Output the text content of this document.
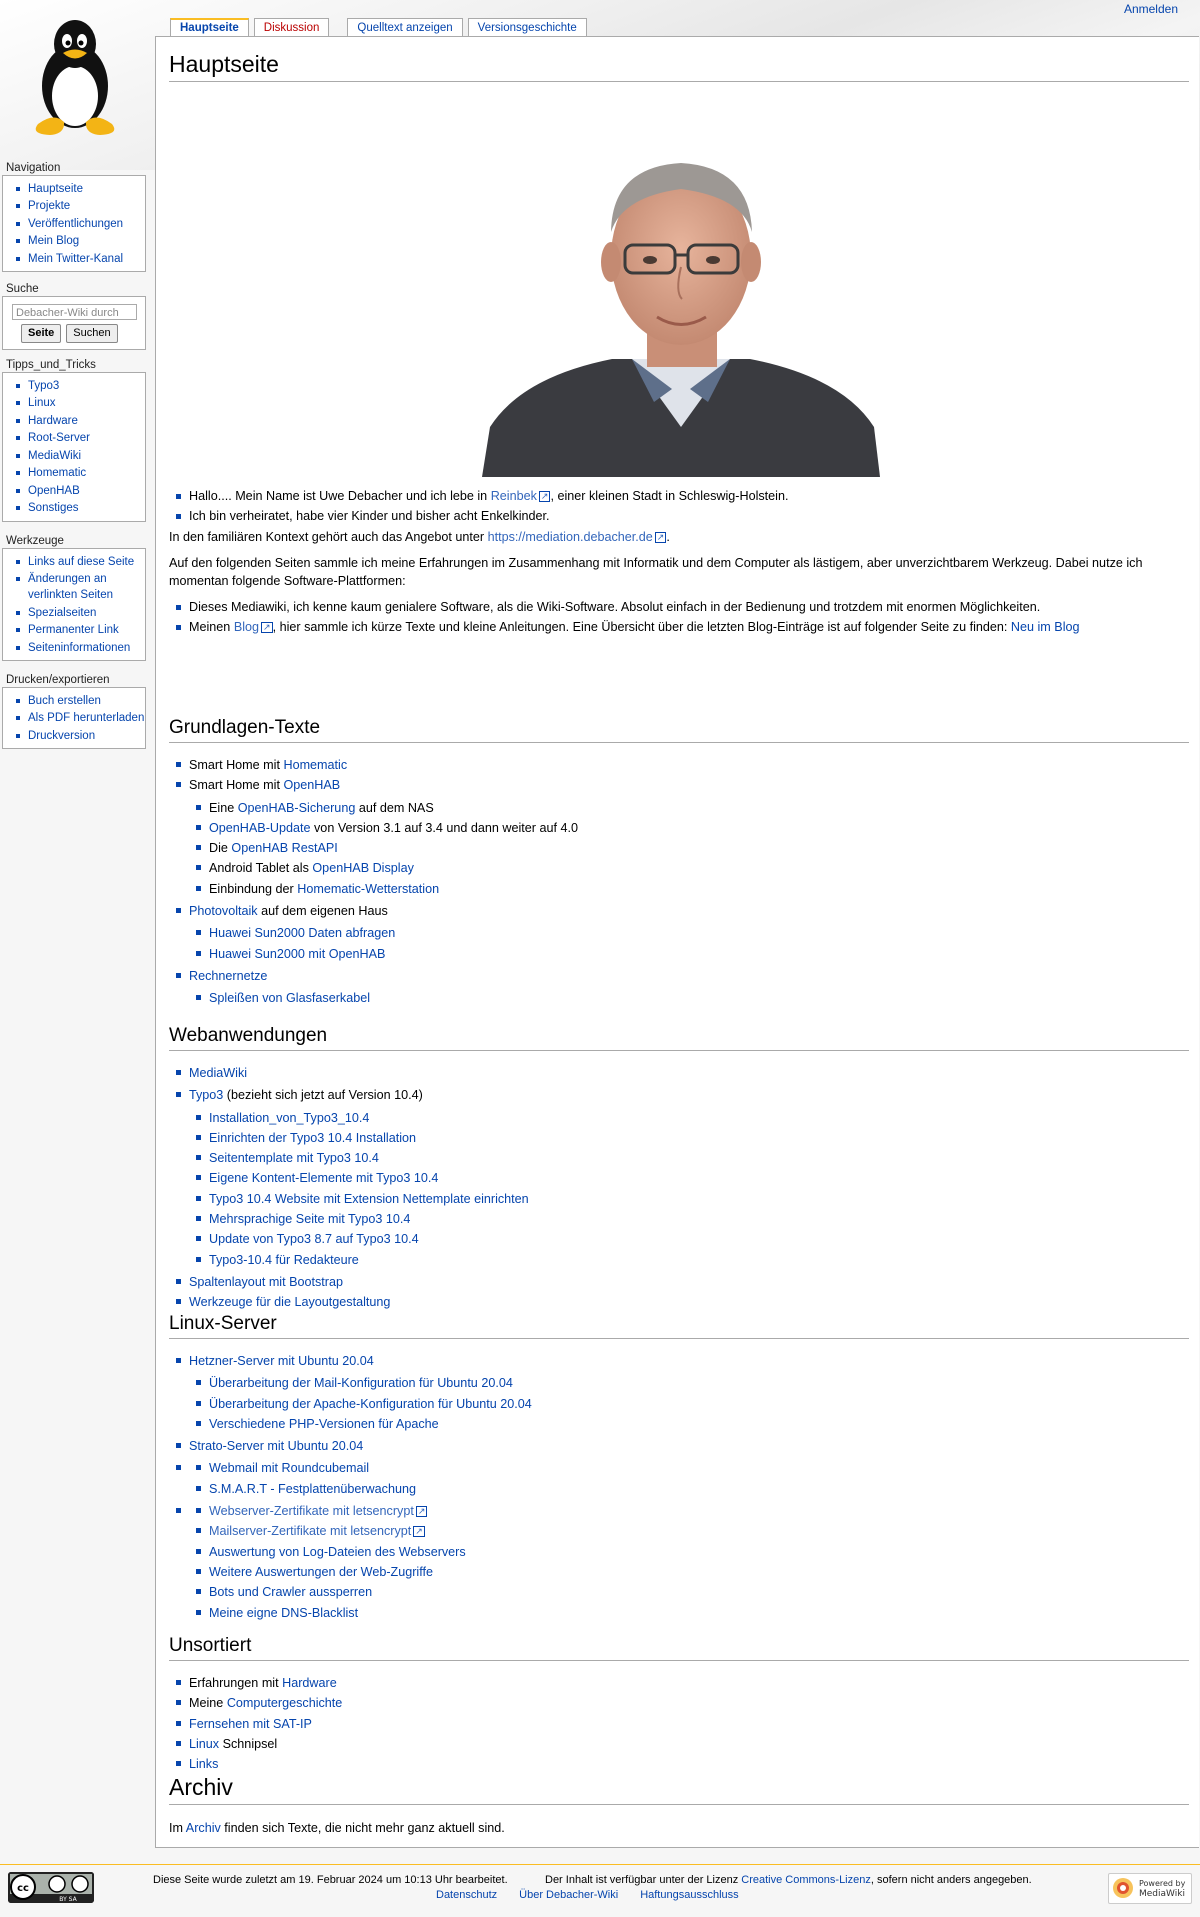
Anmelden
Hauptseite	Diskussion	Quelltext anzeigen	Versionsgeschichte
Navigation
Hauptseite
Projekte
Veröffentlichungen
Mein Blog
Mein Twitter-Kanal
Suche
Debacher-Wiki durch
Seite	Suchen
Tipps_und_Tricks
Typo3
Linux
Hardware
Root-Server
MediaWiki
Homematic
OpenHAB
Sonstiges
Werkzeuge
Links auf diese Seite
Änderungen an verlinkten Seiten
Spezialseiten
Permanenter Link
Seiteninformationen
Drucken/exportieren
Buch erstellen
Als PDF herunterladen
Druckversion
Hauptseite
Hallo.... Mein Name ist Uwe Debacher und ich lebe in Reinbek ↗ , einer kleinen Stadt in Schleswig-Holstein.
Ich bin verheiratet, habe vier Kinder und bisher acht Enkelkinder.

In den familiären Kontext gehört auch das Angebot unter https://mediation.debacher.de ↗ .

Auf den folgenden Seiten sammle ich meine Erfahrungen im Zusammenhang mit Informatik und dem Computer als lästigem, aber unverzichtbarem Werkzeug. Dabei nutze ich momentan folgende Software-Plattformen:

Dieses Mediawiki, ich kenne kaum genialere Software, als die Wiki-Software. Absolut einfach in der Bedienung und trotzdem mit enormen Möglichkeiten.
Meinen Blog ↗ , hier sammle ich kürze Texte und kleine Anleitungen. Eine Übersicht über die letzten Blog-Einträge ist auf folgender Seite zu finden: Neu im Blog
Grundlagen-Texte
Smart Home mit Homematic
Smart Home mit OpenHAB
Eine OpenHAB-Sicherung auf dem NAS
OpenHAB-Update von Version 3.1 auf 3.4 und dann weiter auf 4.0
Die OpenHAB RestAPI
Android Tablet als OpenHAB Display
Einbindung der Homematic-Wetterstation
Photovoltaik auf dem eigenen Haus
Huawei Sun2000 Daten abfragen
Huawei Sun2000 mit OpenHAB
Rechnernetze
Spleißen von Glasfaserkabel
Webanwendungen
MediaWiki
Typo3 (bezieht sich jetzt auf Version 10.4)
Installation_von_Typo3_10.4
Einrichten der Typo3 10.4 Installation
Seitentemplate mit Typo3 10.4
Eigene Kontent-Elemente mit Typo3 10.4
Typo3 10.4 Website mit Extension Nettemplate einrichten
Mehrsprachige Seite mit Typo3 10.4
Update von Typo3 8.7 auf Typo3 10.4
Typo3-10.4 für Redakteure
Spaltenlayout mit Bootstrap
Werkzeuge für die Layoutgestaltung
Linux-Server
Hetzner-Server mit Ubuntu 20.04
Überarbeitung der Mail-Konfiguration für Ubuntu 20.04
Überarbeitung der Apache-Konfiguration für Ubuntu 20.04
Verschiedene PHP-Versionen für Apache
Strato-Server mit Ubuntu 20.04
Webmail mit Roundcubemail
S.M.A.R.T - Festplattenüberwachung
Webserver-Zertifikate mit letsencrypt ↗
Mailserver-Zertifikate mit letsencrypt ↗
Auswertung von Log-Dateien des Webservers
Weitere Auswertungen der Web-Zugriffe
Bots und Crawler aussperren
Meine eigne DNS-Blacklist
Unsortiert
Erfahrungen mit Hardware
Meine Computergeschichte
Fernsehen mit SAT-IP
Linux Schnipsel
Links
Archiv

Im Archiv finden sich Texte, die nicht mehr ganz aktuell sind.

cc
BY SA
Diese Seite wurde zuletzt am 19. Februar 2024 um 10:13 Uhr bearbeitet.	Der Inhalt ist verfügbar unter der Lizenz Creative Commons-Lizenz, sofern nicht anders angegeben.
Datenschutz Über Debacher-Wiki Haftungsausschluss
Powered by
MediaWiki
